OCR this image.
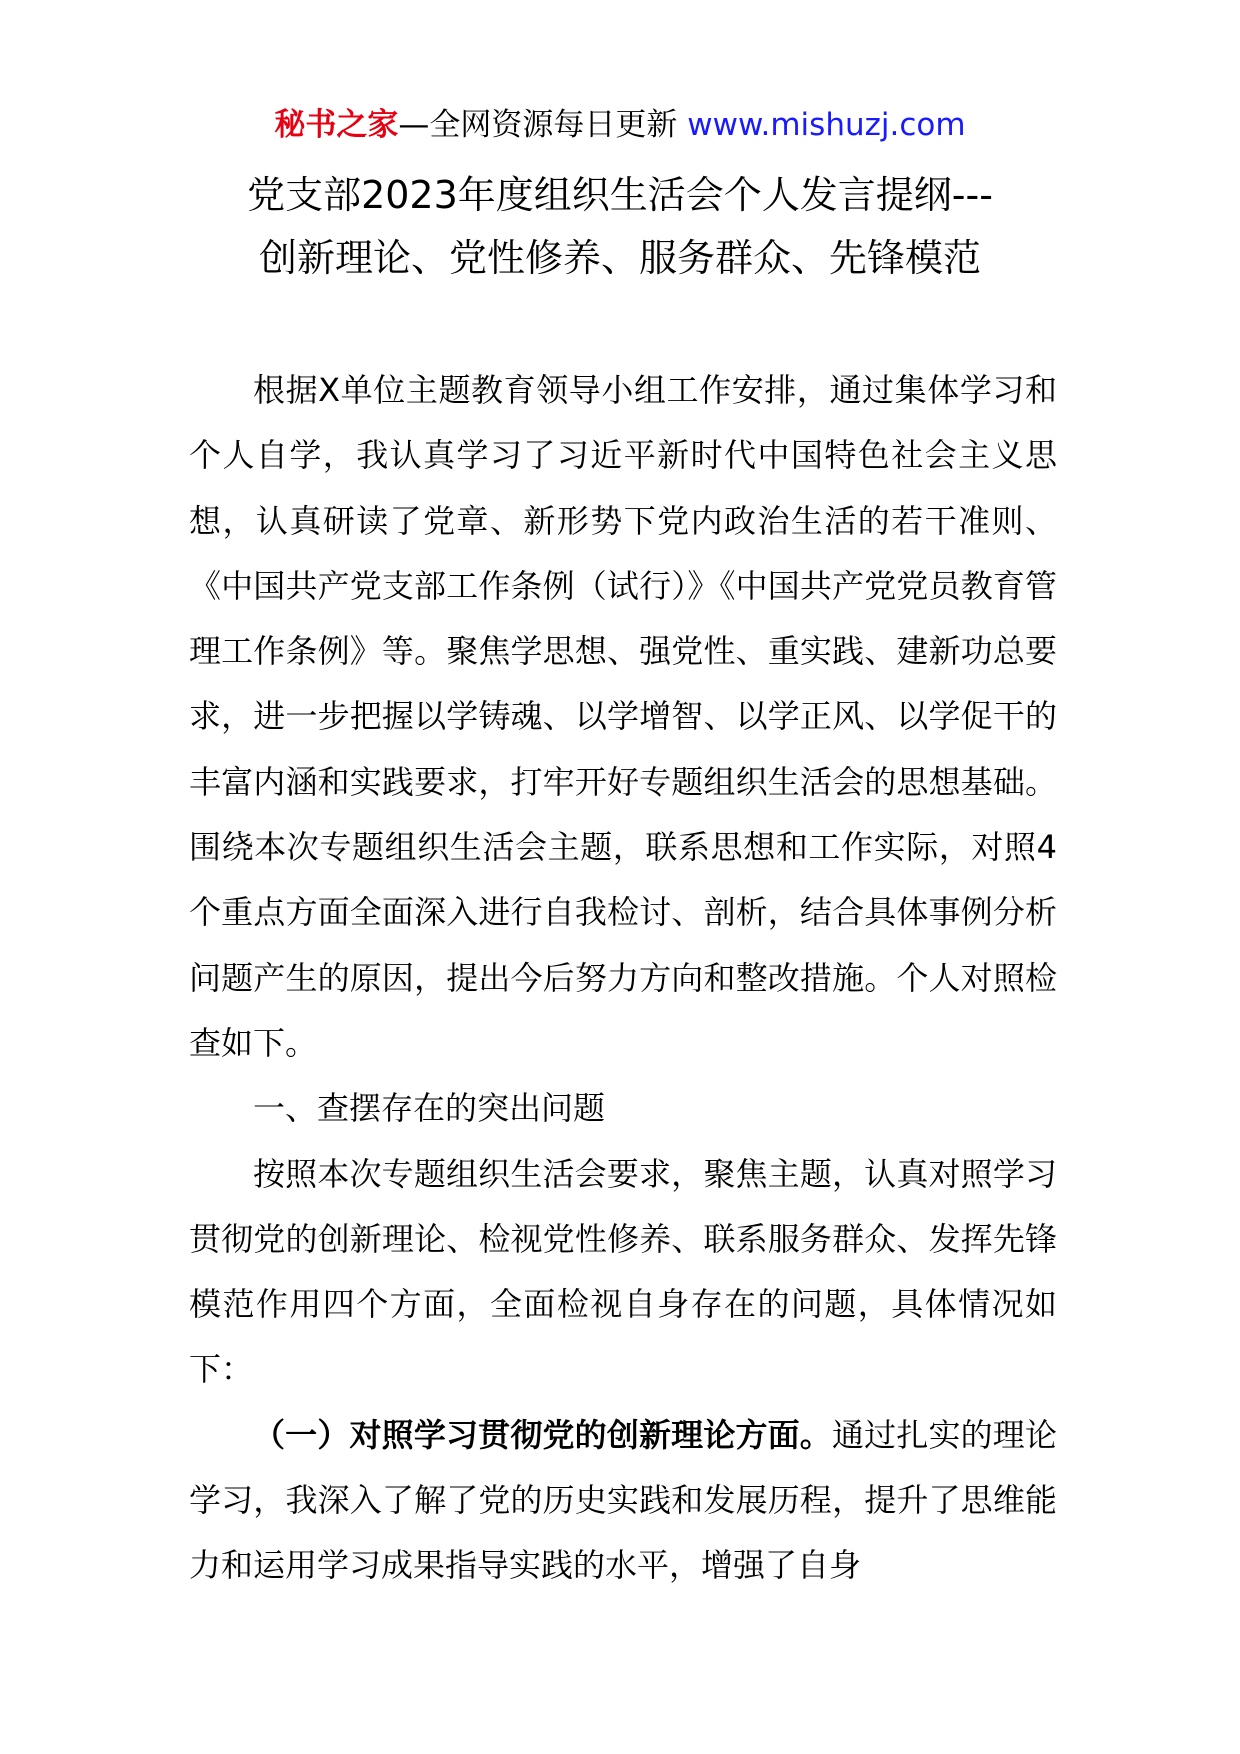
秘书之家—全网资源每日更新 www.mishuzj.com
党支部2023年度组织生活会个人发言提纲---
创新理论、党性修养、服务群众、先锋模范

根据X单位主题教育领导小组工作安排，通过集体学习和个人自学，我认真学习了习近平新时代中国特色社会主义思想，认真研读了党章、新形势下党内政治生活的若干准则、《中国共产党支部工作条例（试行）》《中国共产党党员教育管理工作条例》等。聚焦学思想、强党性、重实践、建新功总要求，进一步把握以学铸魂、以学增智、以学正风、以学促干的丰富内涵和实践要求，打牢开好专题组织生活会的思想基础。围绕本次专题组织生活会主题，联系思想和工作实际，对照4个重点方面全面深入进行自我检讨、剖析，结合具体事例分析问题产生的原因，提出今后努力方向和整改措施。个人对照检查如下。

一、查摆存在的突出问题

按照本次专题组织生活会要求，聚焦主题，认真对照学习贯彻党的创新理论、检视党性修养、联系服务群众、发挥先锋模范作用四个方面，全面检视自身存在的问题，具体情况如下：

（一）对照学习贯彻党的创新理论方面。通过扎实的理论学习，我深入了解了党的历史实践和发展历程，提升了思维能力和运用学习成果指导实践的水平，增强了自身
